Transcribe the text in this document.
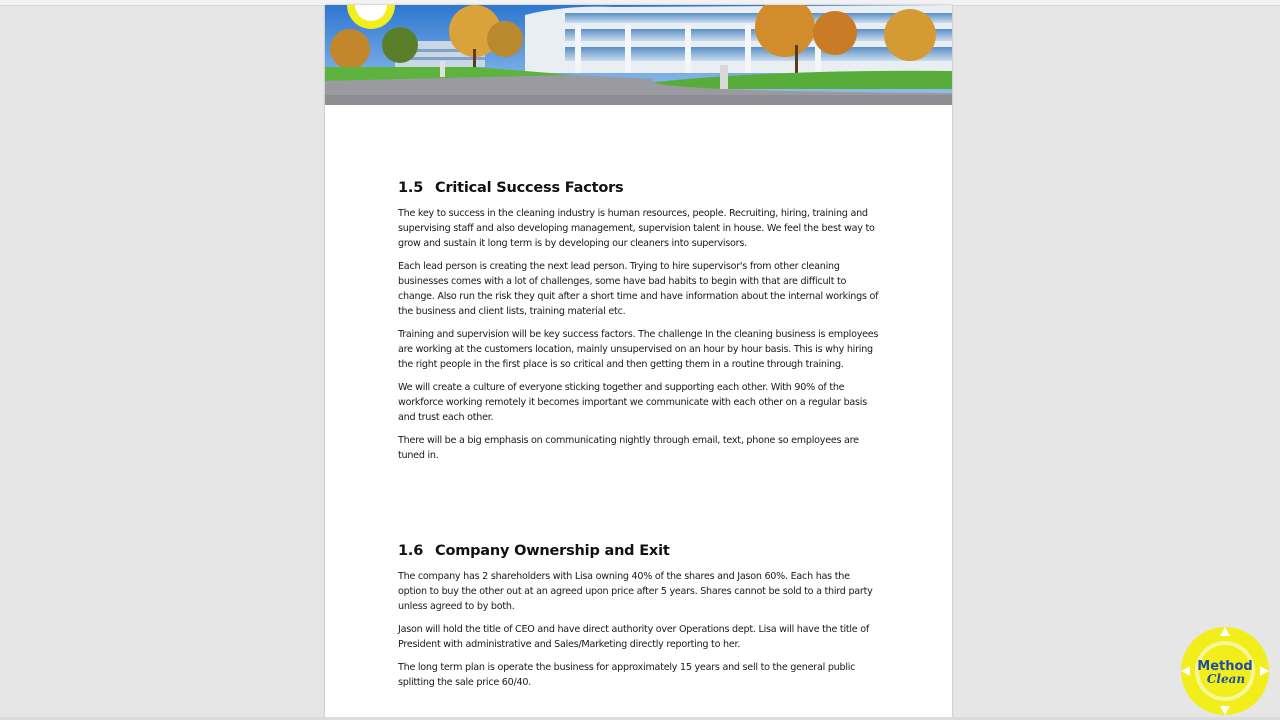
1.5 Critical Success Factors

The key to success in the cleaning industry is human resources, people. Recruiting, hiring, training and supervising staff and also developing management, supervision talent in house. We feel the best way to grow and sustain it long term is by developing our cleaners into supervisors.

Each lead person is creating the next lead person. Trying to hire supervisor's from other cleaning businesses comes with a lot of challenges, some have bad habits to begin with that are difficult to change. Also run the risk they quit after a short time and have information about the internal workings of the business and client lists, training material etc.

Training and supervision will be key success factors. The challenge In the cleaning business is employees are working at the customers location, mainly unsupervised on an hour by hour basis. This is why hiring the right people in the first place is so critical and then getting them in a routine through training.

We will create a culture of everyone sticking together and supporting each other. With 90% of the workforce working remotely it becomes important we communicate with each other on a regular basis and trust each other.

There will be a big emphasis on communicating nightly through email, text, phone so employees are tuned in.

1.6 Company Ownership and Exit

The company has 2 shareholders with Lisa owning 40% of the shares and Jason 60%. Each has the option to buy the other out at an agreed upon price after 5 years. Shares cannot be sold to a third party unless agreed to by both.

Jason will hold the title of CEO and have direct authority over Operations dept. Lisa will have the title of President with administrative and Sales/Marketing directly reporting to her.

The long term plan is operate the business for approximately 15 years and sell to the general public splitting the sale price 60/40.

Method
Clean
